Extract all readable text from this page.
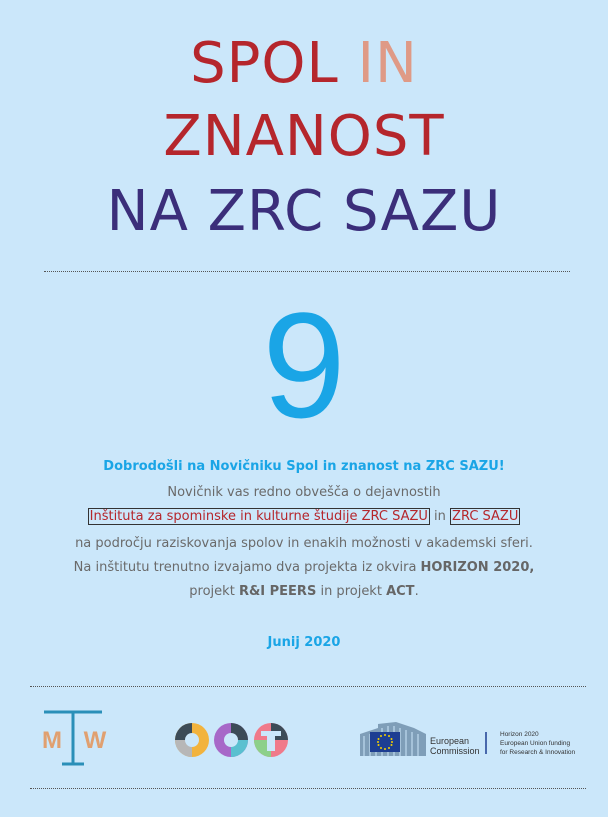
SPOL IN
ZNANOST
NA ZRC SAZU
9
Dobrodošli na Novičniku Spol in znanost na ZRC SAZU!
Novičnik vas redno obvešča o dejavnostih
Inštituta za spominske in kulturne študije ZRC SAZU in ZRC SAZU
na področju raziskovanja spolov in enakih možnosti v akademski sferi.
Na inštitutu trenutno izvajamo dva projekta iz okvira HORIZON 2020,
projekt R&I PEERS in projekt ACT.
Junij 2020
M W	A	C	T	European
Commission
Horizon 2020
European Union funding
for Research & Innovation
